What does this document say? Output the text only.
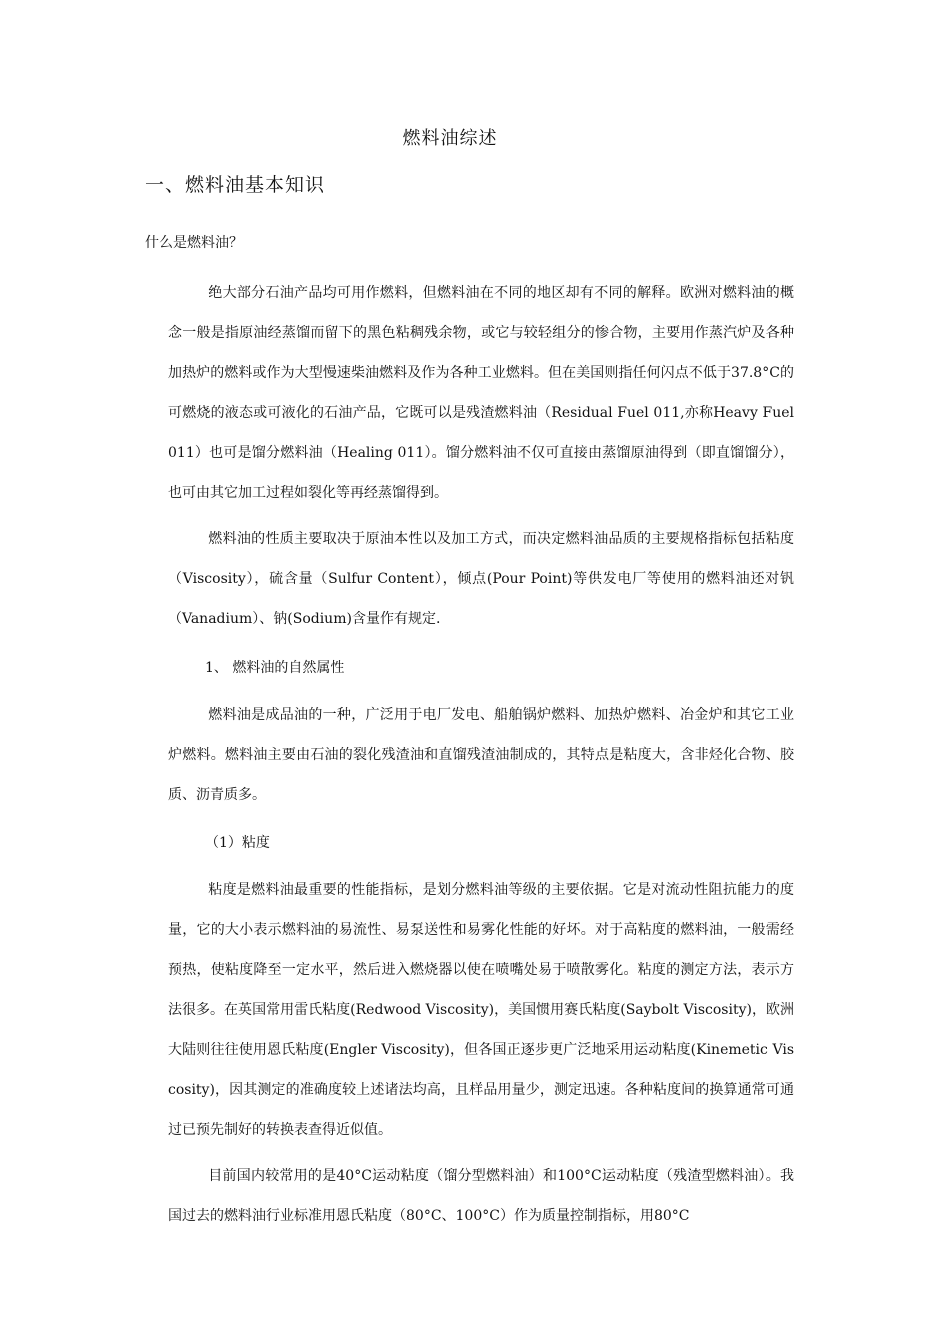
燃料油综述
一、燃料油基本知识
什么是燃料油？

绝大部分石油产品均可用作燃料，但燃料油在不同的地区却有不同的解释。欧洲对燃料油的概念一般是指原油经蒸馏而留下的黑色粘稠残余物，或它与较轻组分的惨合物，主要用作蒸汽炉及各种加热炉的燃料或作为大型慢速柴油燃料及作为各种工业燃料。但在美国则指任何闪点不低于37.8°C的可燃烧的液态或可液化的石油产品，它既可以是残渣燃料油（Residual Fuel 011,亦称Heavy Fuel 011）也可是馏分燃料油（Healing 011）。馏分燃料油不仅可直接由蒸馏原油得到（即直馏馏分），也可由其它加工过程如裂化等再经蒸馏得到。

燃料油的性质主要取决于原油本性以及加工方式，而决定燃料油品质的主要规格指标包括粘度（Viscosity），硫含量（Sulfur Content），倾点(Pour Point)等供发电厂等使用的燃料油还对钒（Vanadium）、钠(Sodium)含量作有规定.

1、 燃料油的自然属性

燃料油是成品油的一种，广泛用于电厂发电、船舶锅炉燃料、加热炉燃料、冶金炉和其它工业炉燃料。燃料油主要由石油的裂化残渣油和直馏残渣油制成的，其特点是粘度大，含非烃化合物、胶质、沥青质多。

（1）粘度

粘度是燃料油最重要的性能指标，是划分燃料油等级的主要依据。它是对流动性阻抗能力的度量，它的大小表示燃料油的易流性、易泵送性和易雾化性能的好坏。对于高粘度的燃料油，一般需经预热，使粘度降至一定水平，然后进入燃烧器以使在喷嘴处易于喷散雾化。粘度的测定方法，表示方法很多。在英国常用雷氏粘度(Redwood Viscosity)，美国惯用赛氏粘度(Saybolt Viscosity)，欧洲大陆则往往使用恩氏粘度(Engler Viscosity)，但各国正逐步更广泛地采用运动粘度(Kinemetic Viscosity)，因其测定的准确度较上述诸法均高，且样品用量少，测定迅速。各种粘度间的换算通常可通过已预先制好的转换表查得近似值。

目前国内较常用的是40°C运动粘度（馏分型燃料油）和100°C运动粘度（残渣型燃料油）。我国过去的燃料油行业标准用恩氏粘度（80°C、100°C）作为质量控制指标，用80°C
